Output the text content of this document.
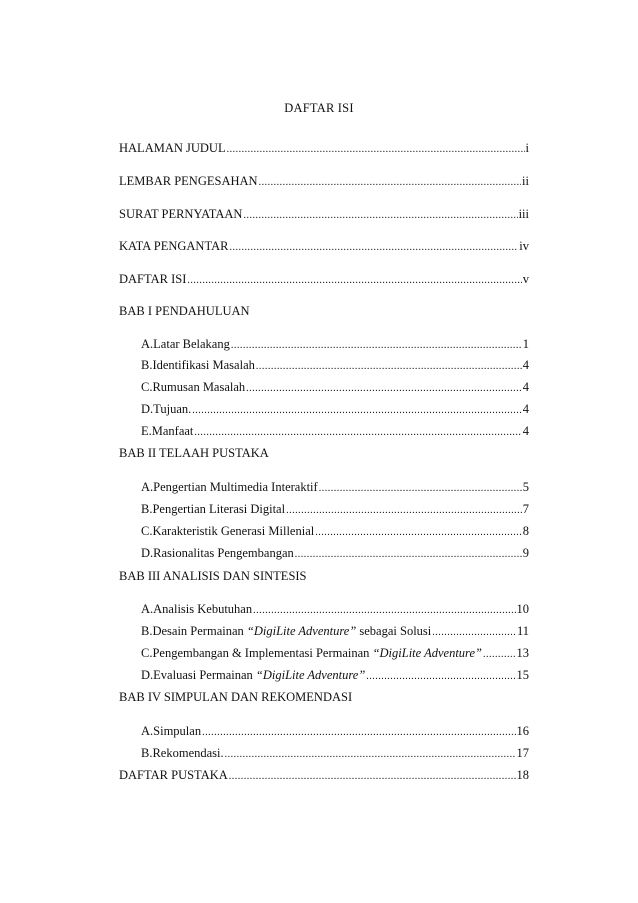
DAFTAR ISI
HALAMAN JUDUL .....	i
LEMBAR PENGESAHAN .....	ii
SURAT PERNYATAAN .....	iii
KATA PENGANTAR .....	iv
DAFTAR ISI .....	v
BAB I PENDAHULUAN
A. Latar Belakang .....	1
B. Identifikasi Masalah .....	4
C. Rumusan Masalah .....	4
D. Tujuan. .....	4
E. Manfaat .....	4
BAB II TELAAH PUSTAKA
A. Pengertian Multimedia Interaktif .....	5
B. Pengertian Literasi Digital .....	7
C. Karakteristik Generasi Millenial .....	8
D. Rasionalitas Pengembangan .....	9
BAB III ANALISIS DAN SINTESIS
A. Analisis Kebutuhan .....	10
B. Desain Permainan “DigiLite Adventure” sebagai Solusi .....	11
C. Pengembangan & Implementasi Permainan “DigiLite Adventure” .....	13
D. Evaluasi Permainan “DigiLite Adventure” .....	15
BAB IV SIMPULAN DAN REKOMENDASI
A. Simpulan .....	16
B. Rekomendasi. .....	17
DAFTAR PUSTAKA .....	18
